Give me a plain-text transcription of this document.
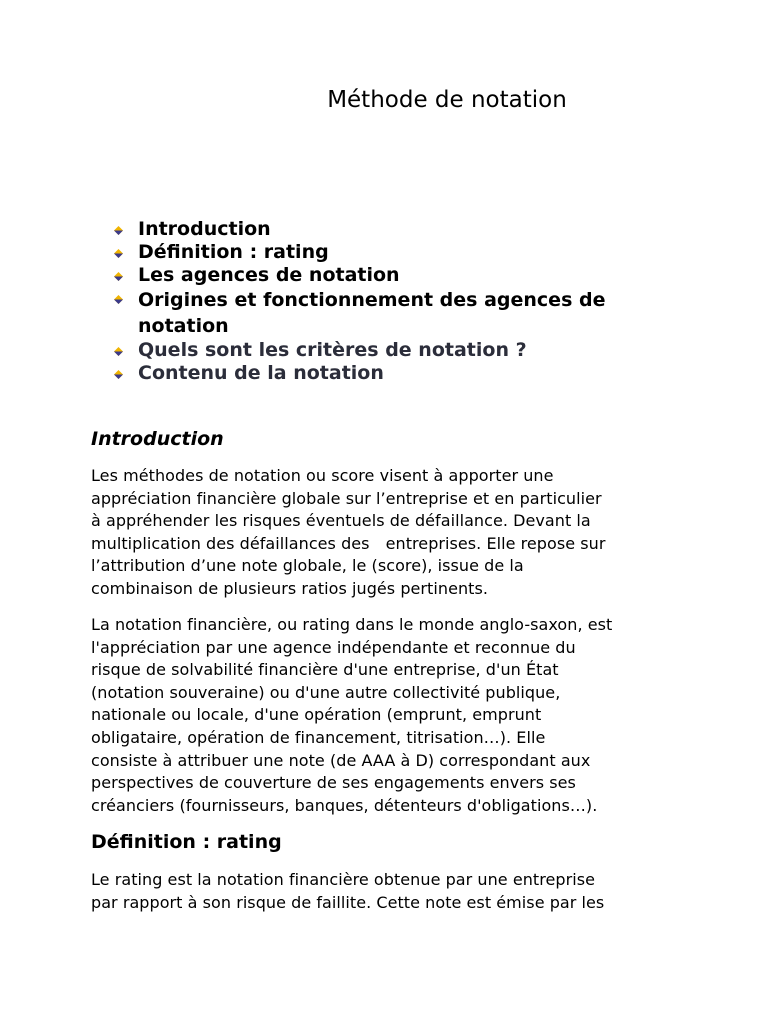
Méthode de notation
Introduction
Définition : rating
Les agences de notation
Origines et fonctionnement des agences de
notation
Quels sont les critères de notation ?
Contenu de la notation
Introduction

Les méthodes de notation ou score visent à apporter une
appréciation financière globale sur l’entreprise et en particulier
à appréhender les risques éventuels de défaillance. Devant la
multiplication des défaillances des entreprises. Elle repose sur
l’attribution d’une note globale, le (score), issue de la
combinaison de plusieurs ratios jugés pertinents.

La notation financière, ou rating dans le monde anglo-saxon, est
l'appréciation par une agence indépendante et reconnue du
risque de solvabilité financière d'une entreprise, d'un État
(notation souveraine) ou d'une autre collectivité publique,
nationale ou locale, d'une opération (emprunt, emprunt
obligataire, opération de financement, titrisation…). Elle
consiste à attribuer une note (de AAA à D) correspondant aux
perspectives de couverture de ses engagements envers ses
créanciers (fournisseurs, banques, détenteurs d'obligations…).

Définition : rating

Le rating est la notation financière obtenue par une entreprise
par rapport à son risque de faillite. Cette note est émise par les
